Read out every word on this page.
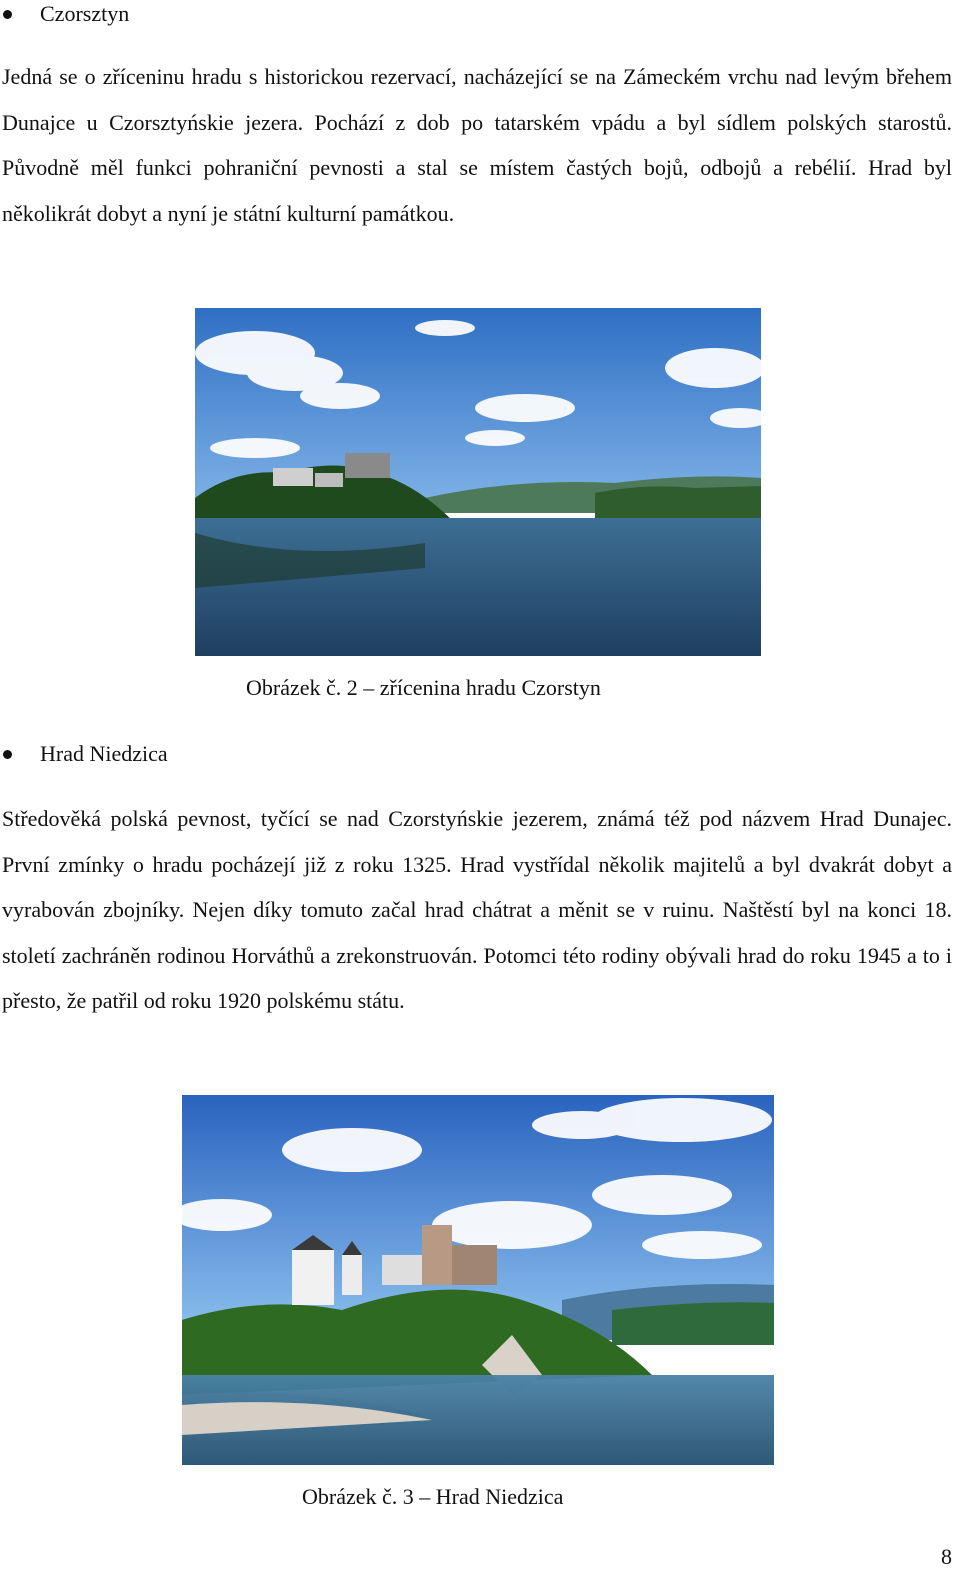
Czorsztyn

Jedná se o zříceninu hradu s historickou rezervací, nacházející se na Zámeckém vrchu nad levým břehem Dunajce u Czorsztyńskie jezera. Pochází z dob po tatarském vpádu a byl sídlem polských starostů. Původně měl funkci pohraniční pevnosti a stal se místem častých bojů, odbojů a rebélií. Hrad byl několikrát dobyt a nyní je státní kulturní památkou.

Obrázek č. 2 – zřícenina hradu Czorstyn
Hrad Niedzica

Středověká polská pevnost, tyčící se nad Czorstyńskie jezerem, známá též pod názvem Hrad Dunajec. První zmínky o hradu pocházejí již z roku 1325. Hrad vystřídal několik majitelů a byl dvakrát dobyt a vyrabován zbojníky. Nejen díky tomuto začal hrad chátrat a měnit se v ruinu. Naštěstí byl na konci 18. století zachráněn rodinou Horváthů a zrekonstruován. Potomci této rodiny obývali hrad do roku 1945 a to i přesto, že patřil od roku 1920 polskému státu.

Obrázek č. 3 – Hrad Niedzica
8
